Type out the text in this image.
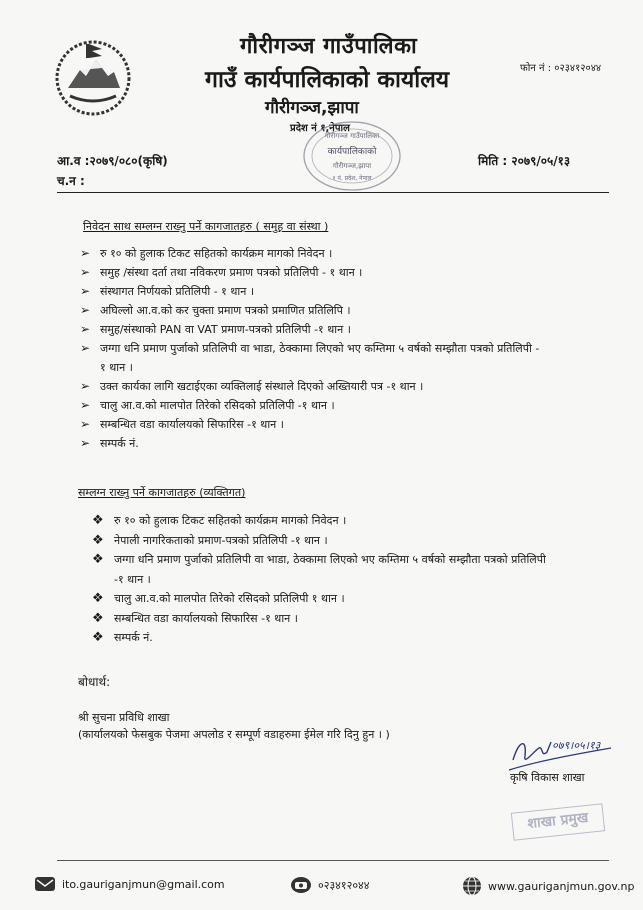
गौरीगञ्ज गाउँपालिका
गाउँ कार्यपालिकाको कार्यालय
गौरीगञ्ज,झापा
प्रदेश नं १,नेपाल
फोन नं : ०२३४१२०४४
गौरीगञ्ज गाउँपालिका
कार्यपालिकाको
गौरीगञ्ज,झापा
१ नं. प्रदेश, नेपाल
आ.व :२०७९/०८०(कृषि)
च.न :
मिति : २०७९/०५/१३
निवेदन साथ सम्लग्न राख्नु पर्ने कागजातहरु ( समुह वा संस्था )
➢ रु १० को हुलाक टिकट सहितको कार्यक्रम मागको निवेदन ।
➢ समुह /संस्था दर्ता तथा नविकरण प्रमाण पत्रको प्रतिलिपी - १ थान ।
➢ संस्थागत निर्णयको प्रतिलिपी - १ थान ।
➢ अघिल्लो आ.व.को कर चुक्ता प्रमाण पत्रको प्रमाणित प्रतिलिपि ।
➢ समुह/संस्थाको PAN वा VAT प्रमाण-पत्रको प्रतिलिपी -१ थान ।
➢ जग्गा धनि प्रमाण पुर्जाको प्रतिलिपी वा भाडा, ठेक्कामा लिएको भए कम्तिमा ५ वर्षको सम्झौता पत्रको प्रतिलिपी - १ थान ।
➢ उक्त कार्यका लागि खटाईएका व्यक्तिलाई संस्थाले दिएको अख्तियारी पत्र -१ थान ।
➢ चालु आ.व.को मालपोत तिरेको रसिदको प्रतिलिपी -१ थान ।
➢ सम्बन्धित वडा कार्यालयको सिफारिस -१ थान ।
➢ सम्पर्क नं.
सम्लग्न राख्नु पर्ने कागजातहरु (व्यक्तिगत)
❖ रु १० को हुलाक टिकट सहितको कार्यक्रम मागको निवेदन ।
❖ नेपाली नागरिकताको प्रमाण-पत्रको प्रतिलिपी -१ थान ।
❖ जग्गा धनि प्रमाण पुर्जाको प्रतिलिपी वा भाडा, ठेक्कामा लिएको भए कम्तिमा ५ वर्षको सम्झौता पत्रको प्रतिलिपी -१ थान ।
❖ चालु आ.व.को मालपोत तिरेको रसिदको प्रतिलिपी १ थान ।
❖ सम्बन्धित वडा कार्यालयको सिफारिस -१ थान ।
❖ सम्पर्क नं.
बोधार्थ:
श्री सुचना प्रविधि शाखा
(कार्यालयको फेसबुक पेजमा अपलोड र सम्पूर्ण वडाहरुमा ईमेल गरि दिनु हुन । )
०७९।०५।१३
कृषि विकास शाखा
शाखा प्रमुख
ito.gauriganjmun@gmail.com	०२३४१२०४४	www.gauriganjmun.gov.np
